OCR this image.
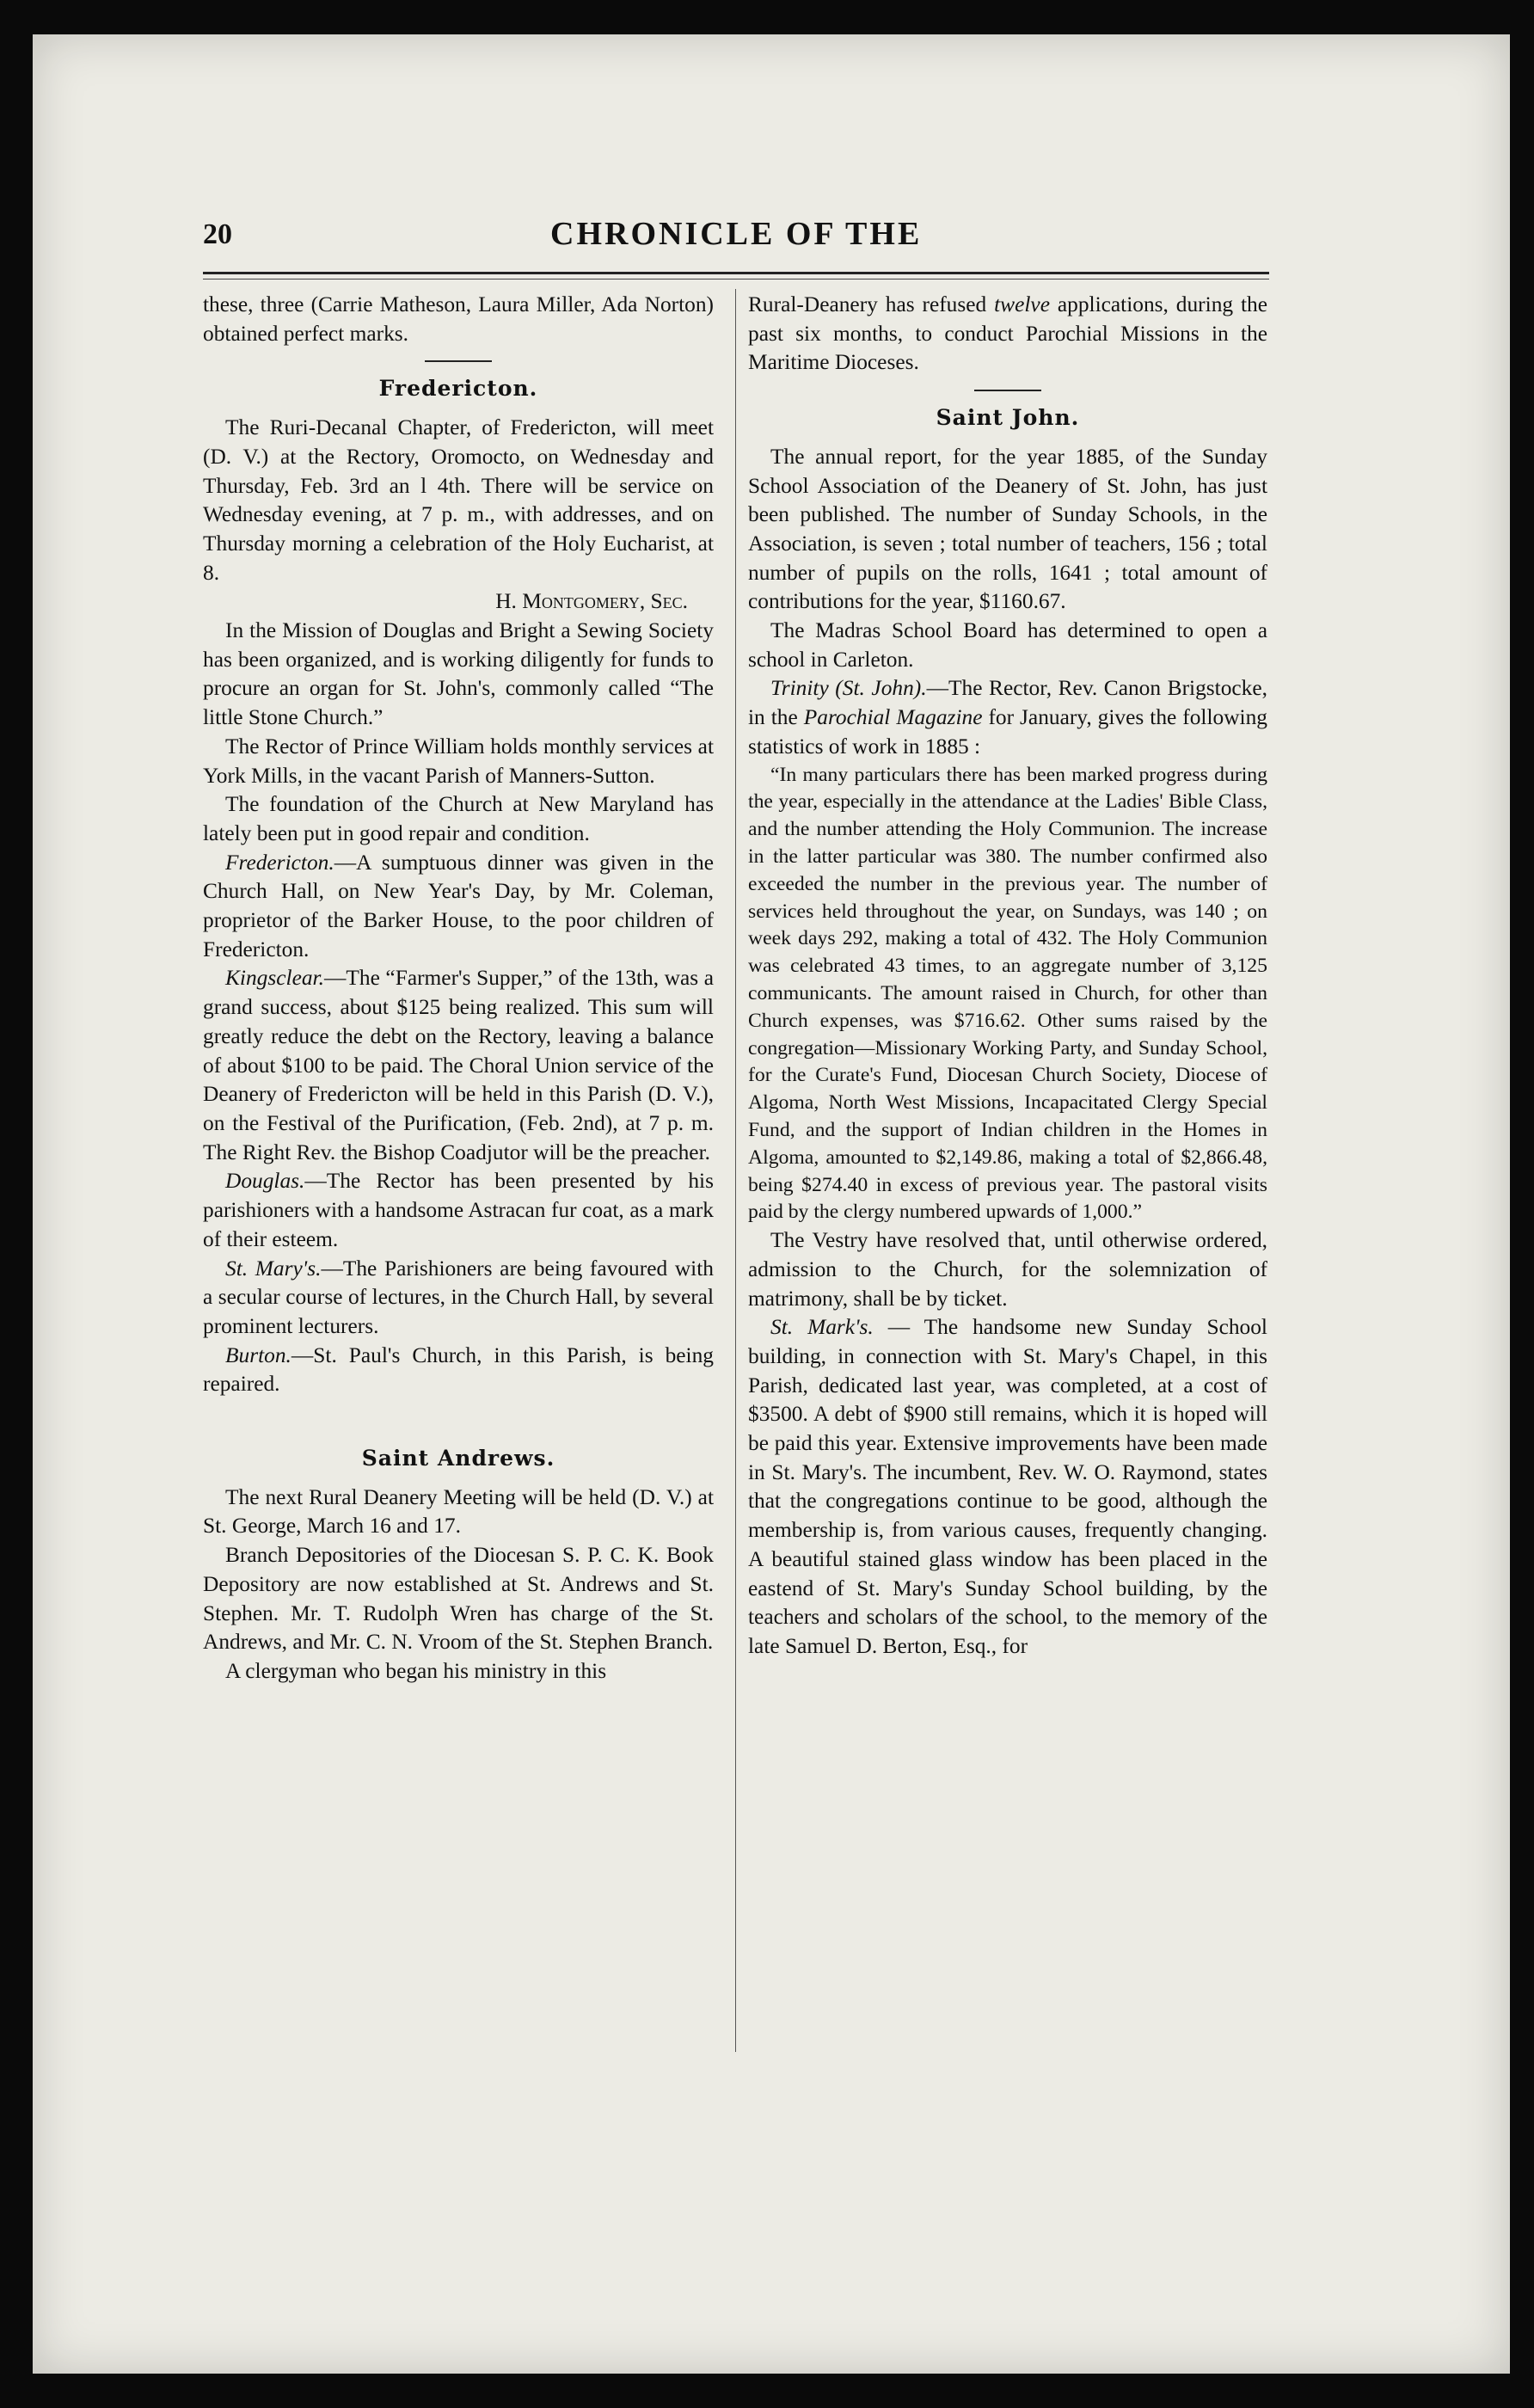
20	CHRONICLE OF THE

these, three (Carrie Matheson, Laura Miller, Ada Norton) obtained perfect marks.

Fredericton.

The Ruri-Decanal Chapter, of Fredericton, will meet (D. V.) at the Rectory, Oromocto, on Wednesday and Thursday, Feb. 3rd an l 4th. There will be service on Wednesday evening, at 7 p. m., with addresses, and on Thursday morning a celebration of the Holy Eucharist, at 8.

H. Montgomery, Sec.

In the Mission of Douglas and Bright a Sewing Society has been organized, and is working diligently for funds to procure an organ for St. John's, commonly called “The little Stone Church.”

The Rector of Prince William holds monthly services at York Mills, in the vacant Parish of Manners-Sutton.

The foundation of the Church at New Maryland has lately been put in good repair and condition.

Fredericton.—A sumptuous dinner was given in the Church Hall, on New Year's Day, by Mr. Coleman, proprietor of the Barker House, to the poor children of Fredericton.

Kingsclear.—The “Farmer's Supper,” of the 13th, was a grand success, about $125 being realized. This sum will greatly reduce the debt on the Rectory, leaving a balance of about $100 to be paid. The Choral Union service of the Deanery of Fredericton will be held in this Parish (D. V.), on the Festival of the Purification, (Feb. 2nd), at 7 p. m. The Right Rev. the Bishop Coadjutor will be the preacher.

Douglas.—The Rector has been presented by his parishioners with a handsome Astracan fur coat, as a mark of their esteem.

St. Mary's.—The Parishioners are being favoured with a secular course of lectures, in the Church Hall, by several prominent lecturers.

Burton.—St. Paul's Church, in this Parish, is being repaired.

Saint Andrews.

The next Rural Deanery Meeting will be held (D. V.) at St. George, March 16 and 17.

Branch Depositories of the Diocesan S. P. C. K. Book Depository are now established at St. Andrews and St. Stephen. Mr. T. Rudolph Wren has charge of the St. Andrews, and Mr. C. N. Vroom of the St. Stephen Branch.

A clergyman who began his ministry in this

Rural-Deanery has refused twelve applications, during the past six months, to conduct Parochial Missions in the Maritime Dioceses.

Saint John.

The annual report, for the year 1885, of the Sunday School Association of the Deanery of St. John, has just been published. The number of Sunday Schools, in the Association, is seven ; total number of teachers, 156 ; total number of pupils on the rolls, 1641 ; total amount of contributions for the year, $1160.67.

The Madras School Board has determined to open a school in Carleton.

Trinity (St. John).—The Rector, Rev. Canon Brigstocke, in the Parochial Magazine for January, gives the following statistics of work in 1885 :

“In many particulars there has been marked progress during the year, especially in the attendance at the Ladies' Bible Class, and the number attending the Holy Communion. The increase in the latter particular was 380. The number confirmed also exceeded the number in the previous year. The number of services held throughout the year, on Sundays, was 140 ; on week days 292, making a total of 432. The Holy Communion was celebrated 43 times, to an aggregate number of 3,125 communicants. The amount raised in Church, for other than Church expenses, was $716.62. Other sums raised by the congregation—Missionary Working Party, and Sunday School, for the Curate's Fund, Diocesan Church Society, Diocese of Algoma, North West Missions, Incapacitated Clergy Special Fund, and the support of Indian children in the Homes in Algoma, amounted to $2,149.86, making a total of $2,866.48, being $274.40 in excess of previous year. The pastoral visits paid by the clergy numbered upwards of 1,000.”

The Vestry have resolved that, until otherwise ordered, admission to the Church, for the solemnization of matrimony, shall be by ticket.

St. Mark's. — The handsome new Sunday School building, in connection with St. Mary's Chapel, in this Parish, dedicated last year, was completed, at a cost of $3500. A debt of $900 still remains, which it is hoped will be paid this year. Extensive improvements have been made in St. Mary's. The incumbent, Rev. W. O. Raymond, states that the congregations continue to be good, although the membership is, from various causes, frequently changing. A beautiful stained glass window has been placed in the eastend of St. Mary's Sunday School building, by the teachers and scholars of the school, to the memory of the late Samuel D. Berton, Esq., for
